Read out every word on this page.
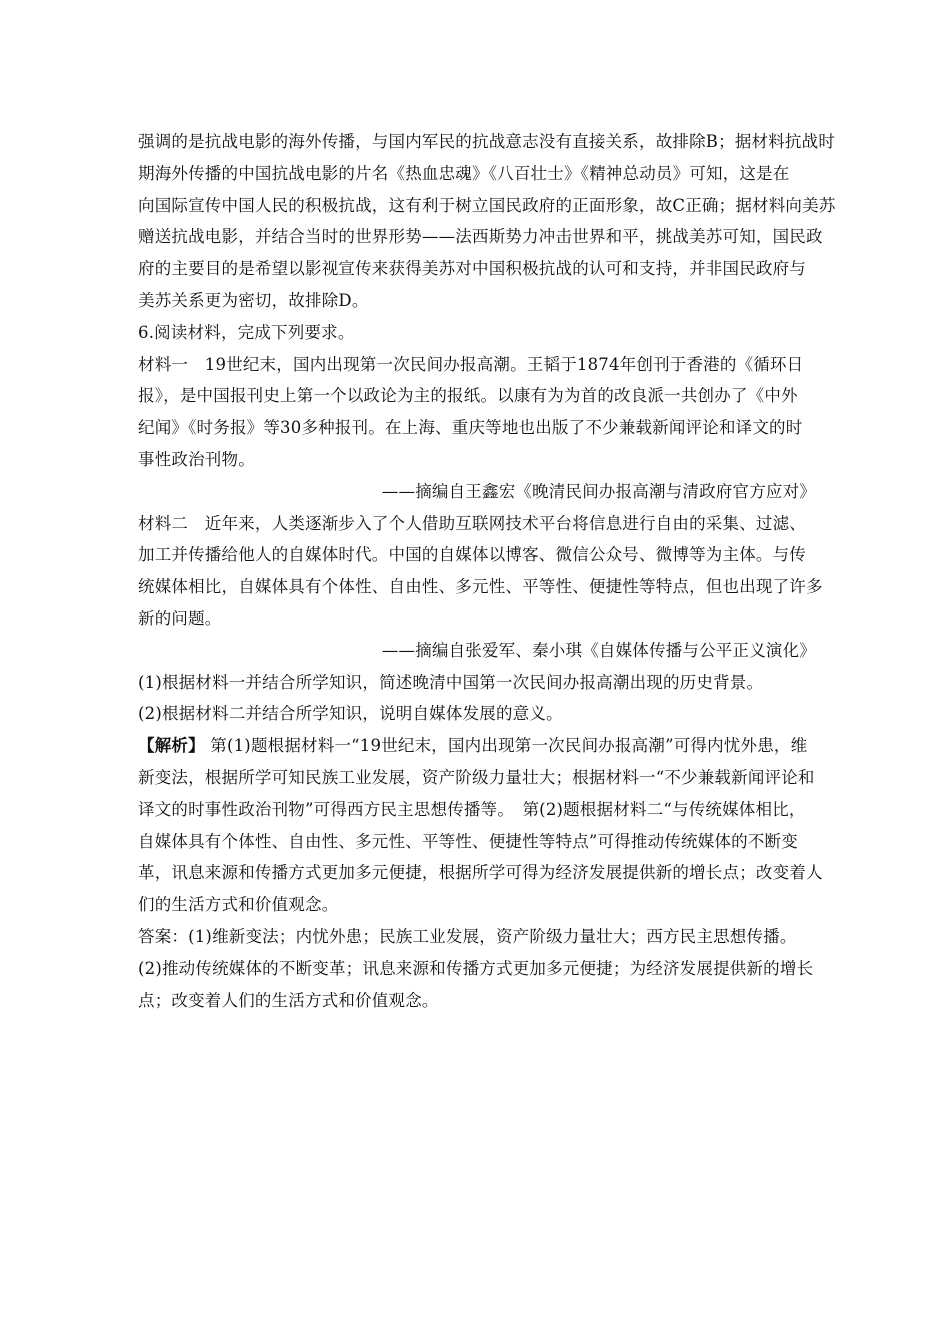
强调的是抗战电影的海外传播，与国内军民的抗战意志没有直接关系，故排除B；据材料抗战时
期海外传播的中国抗战电影的片名《热血忠魂》《八百壮士》《精神总动员》可知，这是在
向国际宣传中国人民的积极抗战，这有利于树立国民政府的正面形象，故C正确；据材料向美苏
赠送抗战电影，并结合当时的世界形势——法西斯势力冲击世界和平，挑战美苏可知，国民政
府的主要目的是希望以影视宣传来获得美苏对中国积极抗战的认可和支持，并非国民政府与
美苏关系更为密切，故排除D。
6.阅读材料，完成下列要求。
材料一　19世纪末，国内出现第一次民间办报高潮。王韬于1874年创刊于香港的《循环日
报》，是中国报刊史上第一个以政论为主的报纸。以康有为为首的改良派一共创办了《中外
纪闻》《时务报》等30多种报刊。在上海、重庆等地也出版了不少兼载新闻评论和译文的时
事性政治刊物。
——摘编自王鑫宏《晚清民间办报高潮与清政府官方应对》
材料二　近年来，人类逐渐步入了个人借助互联网技术平台将信息进行自由的采集、过滤、
加工并传播给他人的自媒体时代。中国的自媒体以博客、微信公众号、微博等为主体。与传
统媒体相比，自媒体具有个体性、自由性、多元性、平等性、便捷性等特点，但也出现了许多
新的问题。
——摘编自张爱军、秦小琪《自媒体传播与公平正义演化》
(1)根据材料一并结合所学知识，简述晚清中国第一次民间办报高潮出现的历史背景。
(2)根据材料二并结合所学知识，说明自媒体发展的意义。
【解析】 第(1)题根据材料一“19世纪末，国内出现第一次民间办报高潮”可得内忧外患，维
新变法，根据所学可知民族工业发展，资产阶级力量壮大；根据材料一“不少兼载新闻评论和
译文的时事性政治刊物”可得西方民主思想传播等。　第(2)题根据材料二“与传统媒体相比，
自媒体具有个体性、自由性、多元性、平等性、便捷性等特点”可得推动传统媒体的不断变
革，讯息来源和传播方式更加多元便捷，根据所学可得为经济发展提供新的增长点；改变着人
们的生活方式和价值观念。
答案：(1)维新变法；内忧外患；民族工业发展，资产阶级力量壮大；西方民主思想传播。
(2)推动传统媒体的不断变革；讯息来源和传播方式更加多元便捷；为经济发展提供新的增长
点；改变着人们的生活方式和价值观念。
